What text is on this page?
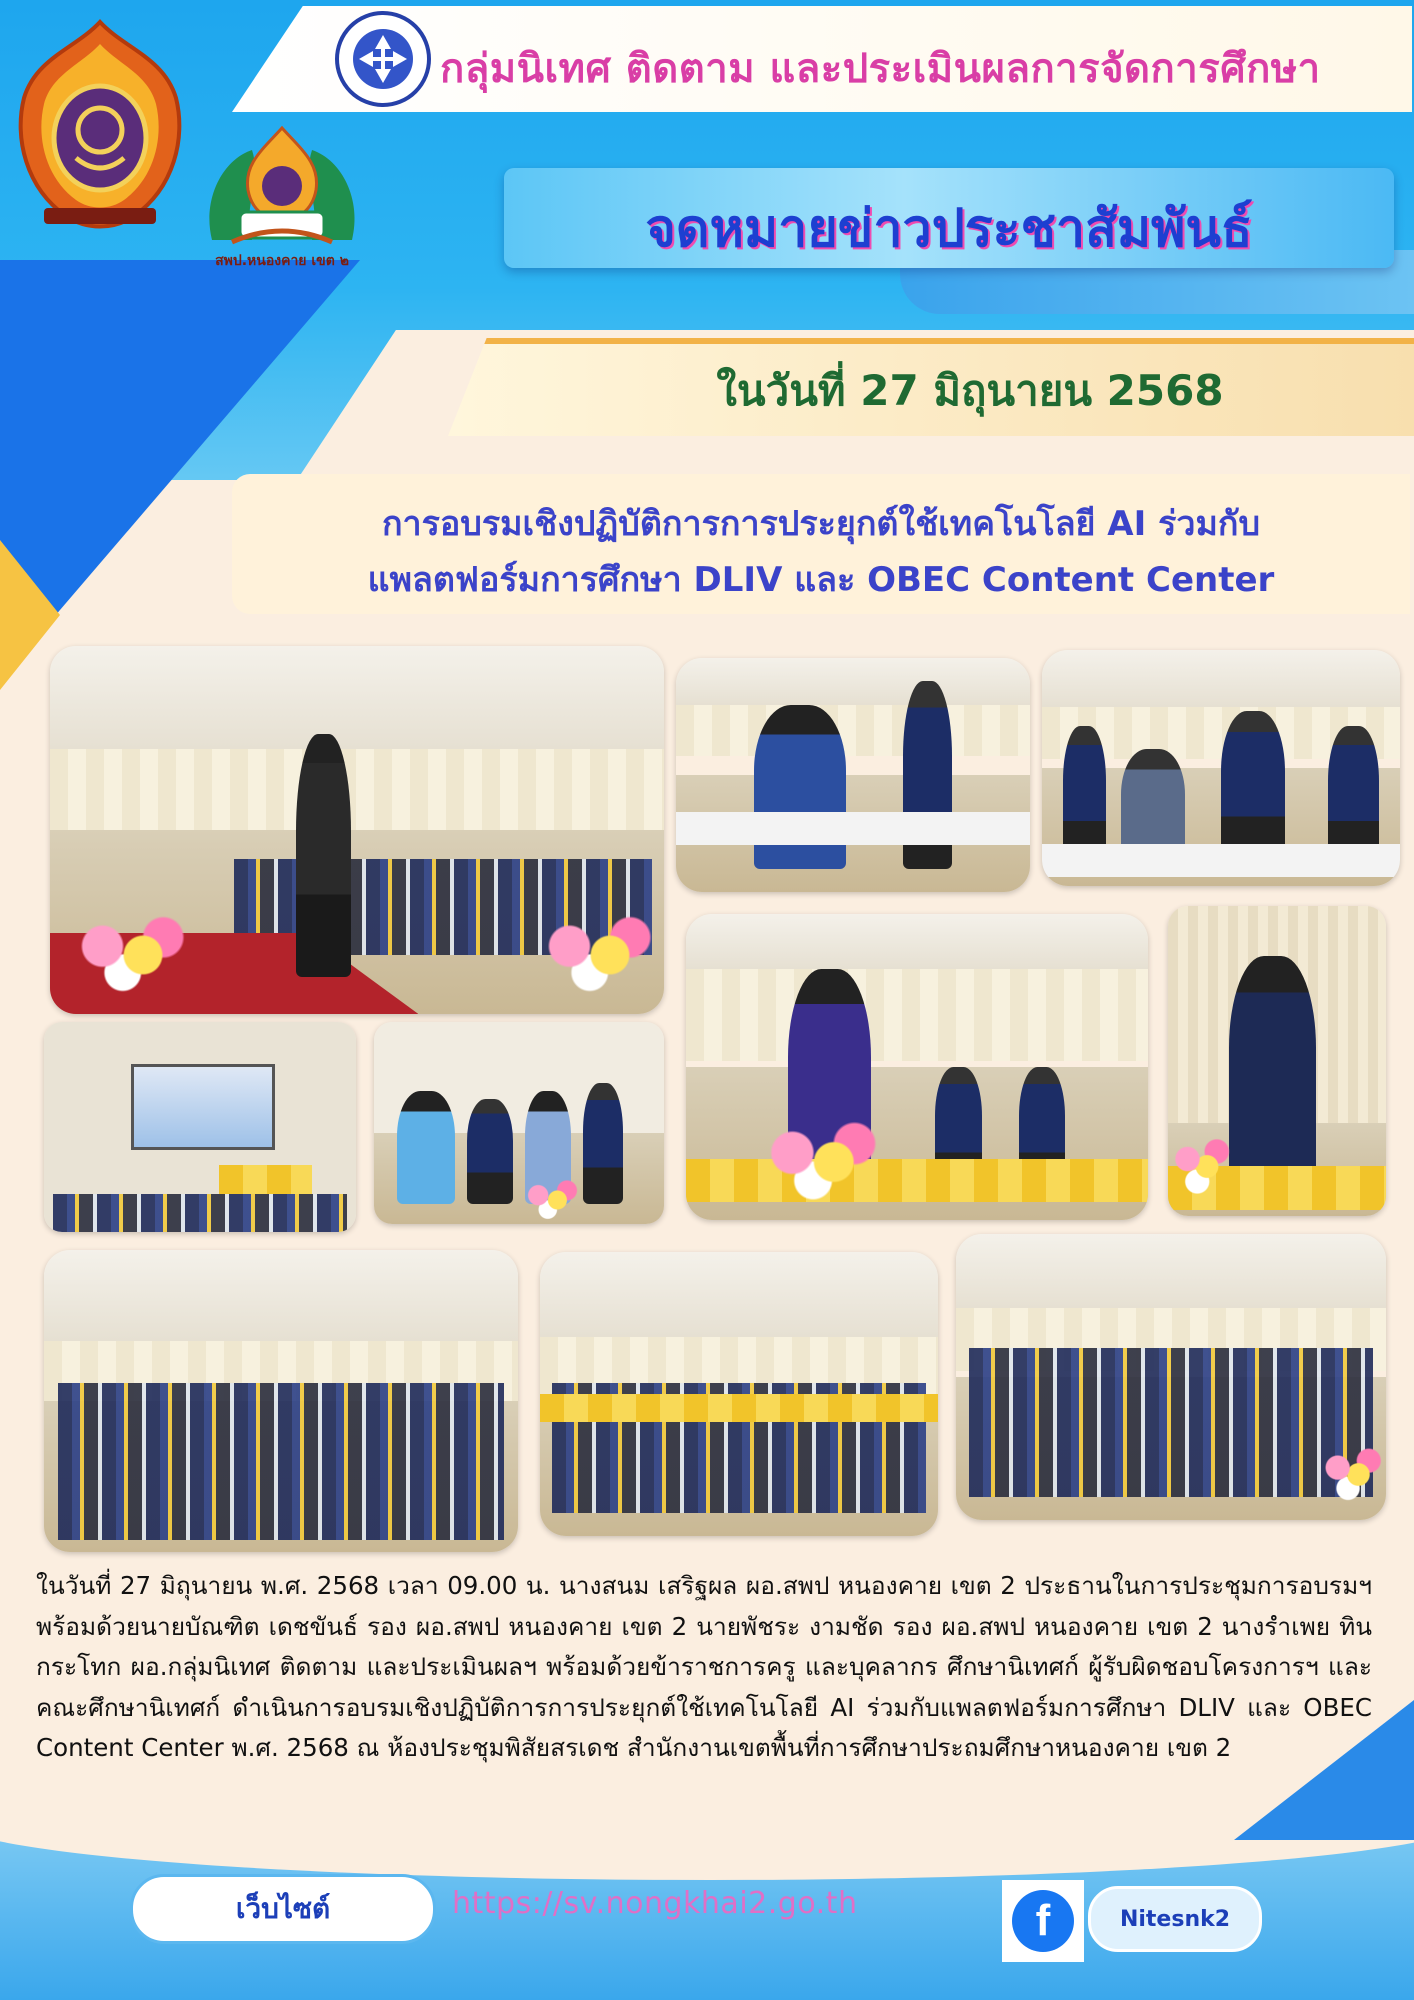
สพป.หนองคาย เขต ๒
กลุ่มนิเทศ ติดตาม และประเมินผลการจัดการศึกษา
จดหมายข่าวประชาสัมพันธ์
ในวันที่ 27 มิถุนายน 2568
การอบรมเชิงปฏิบัติการการประยุกต์ใช้เทคโนโลยี AI ร่วมกับ
แพลตฟอร์มการศึกษา DLIV และ OBEC Content Center
ในวันที่ 27 มิถุนายน พ.ศ. 2568 เวลา 09.00 น. นางสนม เสริฐผล ผอ.สพป หนองคาย เขต 2 ประธานในการประชุมการอบรมฯ พร้อมด้วยนายบัณฑิต เดชขันธ์ รอง ผอ.สพป หนองคาย เขต 2 นายพัชระ งามชัด รอง ผอ.สพป หนองคาย เขต 2 นางรำเพย ทินกระโทก ผอ.กลุ่มนิเทศ ติดตาม และประเมินผลฯ พร้อมด้วยข้าราชการครู และบุคลากร ศึกษานิเทศก์ ผู้รับผิดชอบโครงการฯ และคณะศึกษานิเทศก์ ดำเนินการอบรมเชิงปฏิบัติการการประยุกต์ใช้เทคโนโลยี AI ร่วมกับแพลตฟอร์มการศึกษา DLIV และ OBEC Content Center พ.ศ. 2568 ณ ห้องประชุมพิสัยสรเดช สำนักงานเขตพื้นที่การศึกษาประถมศึกษาหนองคาย เขต 2
เว็บไซต์	https://sv.nongkhai2.go.th	f	Nitesnk2
